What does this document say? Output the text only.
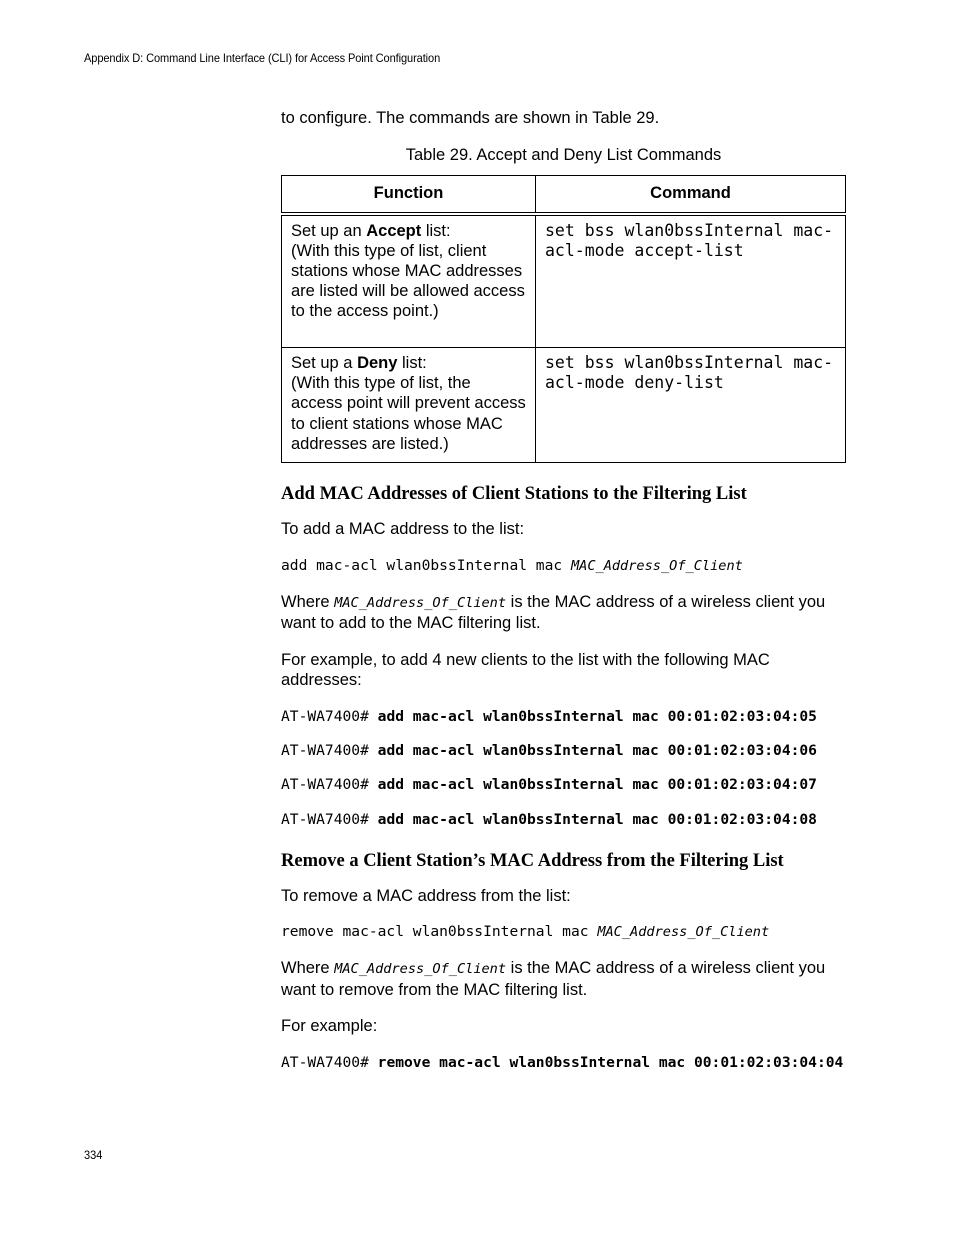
Appendix D: Command Line Interface (CLI) for Access Point Configuration

to configure. The commands are shown in Table 29.

Table 29. Accept and Deny List Commands

Function	Command
Set up an Accept list:
(With this type of list, client stations whose MAC addresses are listed will be allowed access to the access point.)	set bss wlan0bssInternal mac-acl-mode accept-list
Set up a Deny list:
(With this type of list, the access point will prevent access to client stations whose MAC addresses are listed.)	set bss wlan0bssInternal mac-acl-mode deny-list
Add MAC Addresses of Client Stations to the Filtering List

To add a MAC address to the list:

add mac-acl wlan0bssInternal mac MAC_Address_Of_Client

Where MAC_Address_Of_Client is the MAC address of a wireless client you want to add to the MAC filtering list.

For example, to add 4 new clients to the list with the following MAC addresses:

AT-WA7400# add mac-acl wlan0bssInternal mac 00:01:02:03:04:05
AT-WA7400# add mac-acl wlan0bssInternal mac 00:01:02:03:04:06
AT-WA7400# add mac-acl wlan0bssInternal mac 00:01:02:03:04:07
AT-WA7400# add mac-acl wlan0bssInternal mac 00:01:02:03:04:08
Remove a Client Station’s MAC Address from the Filtering List

To remove a MAC address from the list:

remove mac-acl wlan0bssInternal mac MAC_Address_Of_Client

Where MAC_Address_Of_Client is the MAC address of a wireless client you want to remove from the MAC filtering list.

For example:

AT-WA7400# remove mac-acl wlan0bssInternal mac 00:01:02:03:04:04
334
